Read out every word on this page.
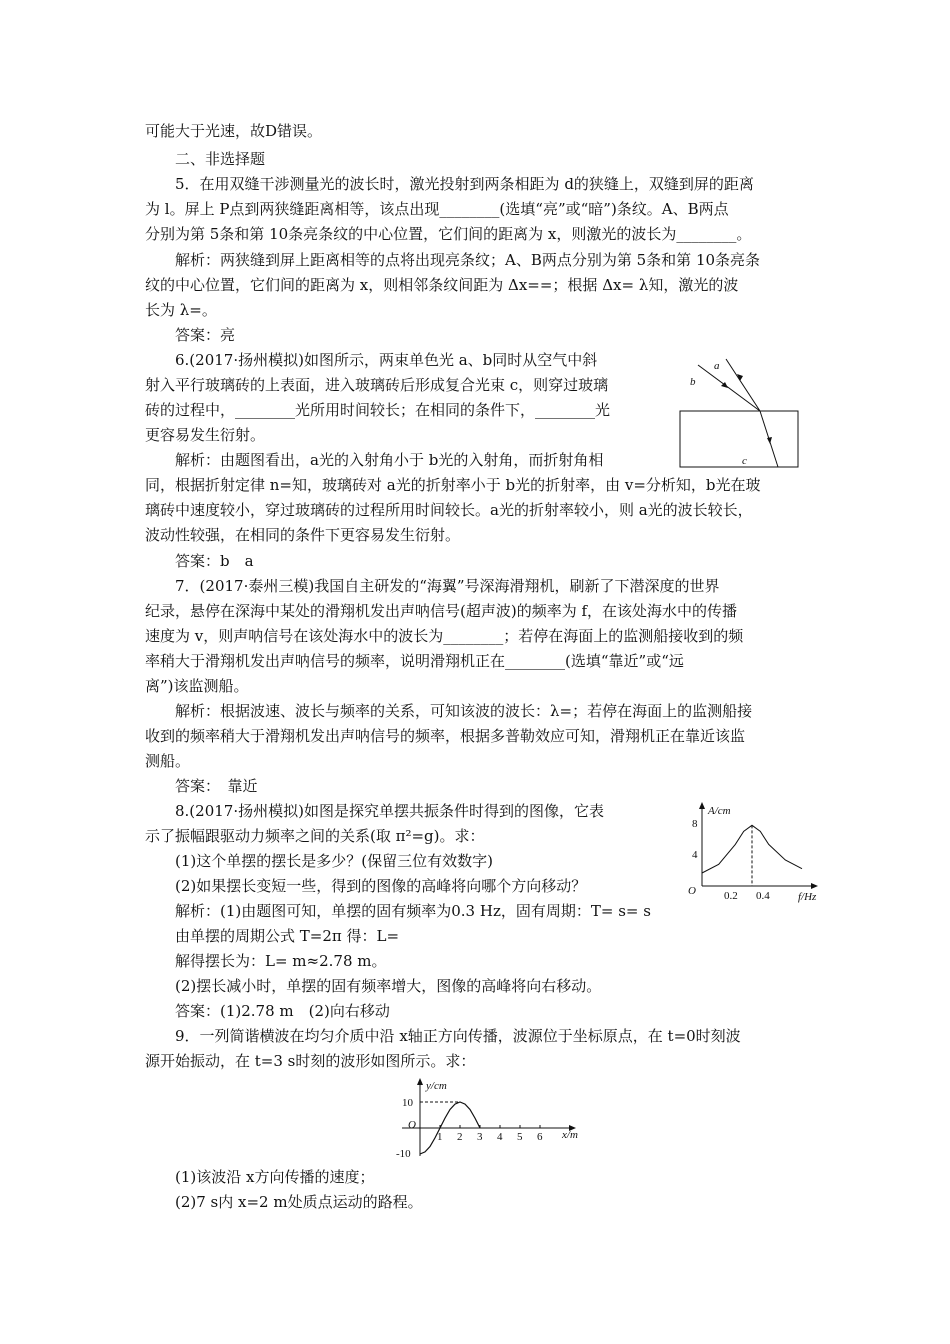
可能大于光速，故D错误。
二、非选择题
5．在用双缝干涉测量光的波长时，激光投射到两条相距为 d的狭缝上，双缝到屏的距离
为 l。屏上 P点到两狭缝距离相等，该点出现________(选填“亮”或“暗”)条纹。A、B两点
分别为第 5条和第 10条亮条纹的中心位置，它们间的距离为 x，则激光的波长为________。
解析：两狭缝到屏上距离相等的点将出现亮条纹；A、B两点分别为第 5条和第 10条亮条
纹的中心位置，它们间的距离为 x，则相邻条纹间距为 Δx==；根据 Δx= λ知，激光的波
长为 λ=。
答案：亮
6.(2017·扬州模拟)如图所示，两束单色光 a、b同时从空气中斜
射入平行玻璃砖的上表面，进入玻璃砖后形成复合光束 c，则穿过玻璃
砖的过程中，________光所用时间较长；在相同的条件下，________光
更容易发生衍射。
解析：由题图看出，a光的入射角小于 b光的入射角，而折射角相
同，根据折射定律 n=知，玻璃砖对 a光的折射率小于 b光的折射率，由 v=分析知，b光在玻
璃砖中速度较小，穿过玻璃砖的过程所用时间较长。a光的折射率较小，则 a光的波长较长，
波动性较强，在相同的条件下更容易发生衍射。
答案：b　a
7．(2017·泰州三模)我国自主研发的“海翼”号深海滑翔机，刷新了下潜深度的世界
纪录，悬停在深海中某处的滑翔机发出声呐信号(超声波)的频率为 f，在该处海水中的传播
速度为 v，则声呐信号在该处海水中的波长为________；若停在海面上的监测船接收到的频
率稍大于滑翔机发出声呐信号的频率，说明滑翔机正在________(选填“靠近”或“远
离”)该监测船。
解析：根据波速、波长与频率的关系，可知该波的波长：λ=；若停在海面上的监测船接
收到的频率稍大于滑翔机发出声呐信号的频率，根据多普勒效应可知，滑翔机正在靠近该监
测船。
答案：　靠近
8.(2017·扬州模拟)如图是探究单摆共振条件时得到的图像，它表
示了振幅跟驱动力频率之间的关系(取 π²=g)。求：
(1)这个单摆的摆长是多少？(保留三位有效数字)
(2)如果摆长变短一些，得到的图像的高峰将向哪个方向移动？
解析：(1)由题图可知，单摆的固有频率为0.3 Hz，固有周期：T= s= s
由单摆的周期公式 T=2π 得：L=
解得摆长为：L= m≈2.78 m。
(2)摆长减小时，单摆的固有频率增大，图像的高峰将向右移动。
答案：(1)2.78 m　(2)向右移动
9．一列简谐横波在均匀介质中沿 x轴正方向传播，波源位于坐标原点，在 t=0时刻波
源开始振动，在 t=3 s时刻的波形如图所示。求：
(1)该波沿 x方向传播的速度；
(2)7 s内 x=2 m处质点运动的路程。
a
b
c
A/cm
f/Hz
O
4
8
0.2 0.4
y/cm
x/m
O
10
-10
1 2 3 4 5 6
